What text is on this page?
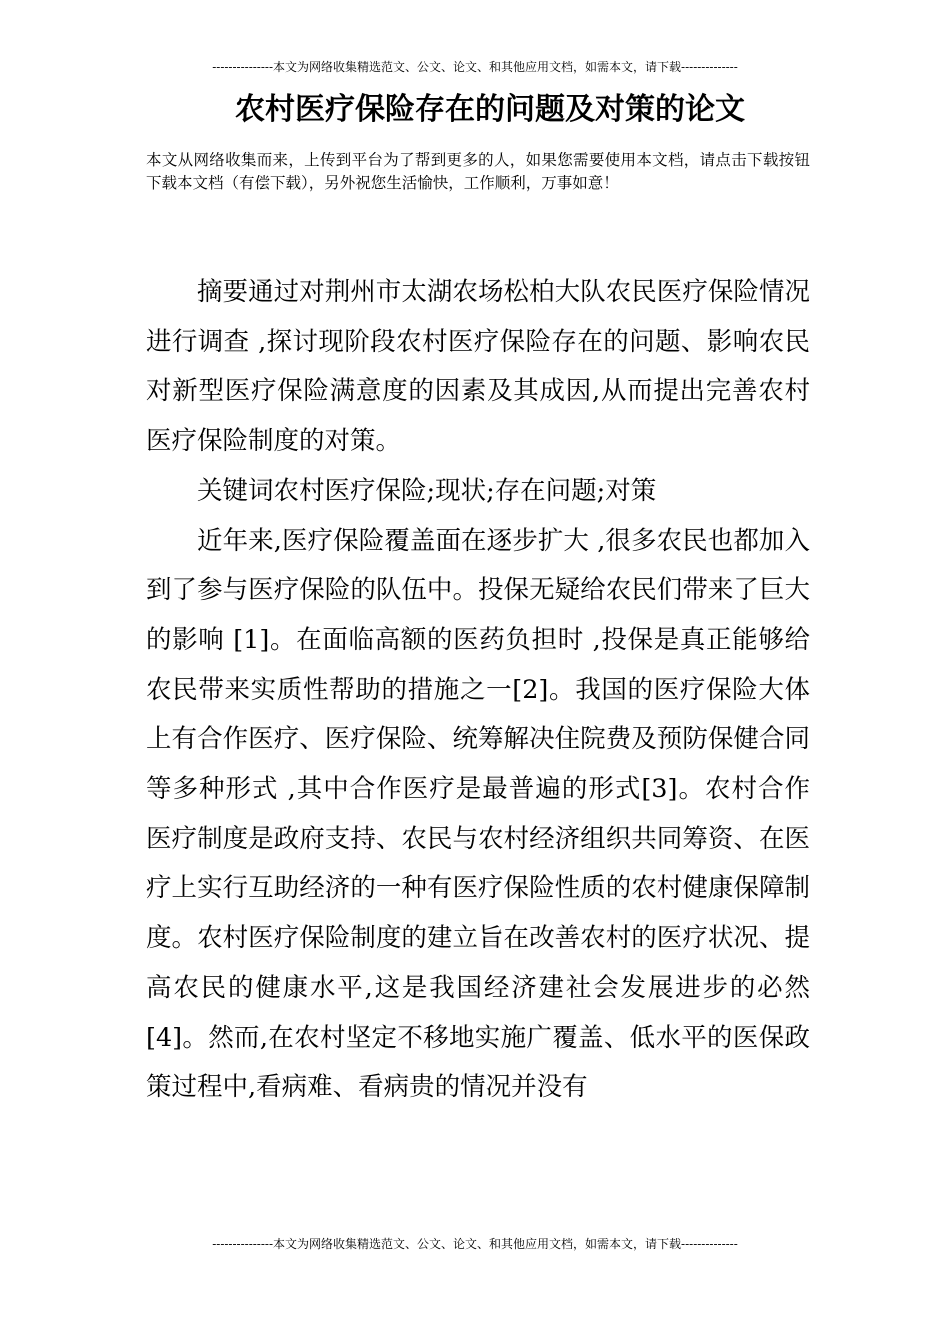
---------------本文为网络收集精选范文、公文、论文、和其他应用文档，如需本文，请下载--------------
农村医疗保险存在的问题及对策的论文

本文从网络收集而来，上传到平台为了帮到更多的人，如果您需要使用本文档，请点击下载按钮下载本文档（有偿下载），另外祝您生活愉快，工作顺利，万事如意！

摘要通过对荆州市太湖农场松柏大队农民医疗保险情况进行调查 ,探讨现阶段农村医疗保险存在的问题、影响农民对新型医疗保险满意度的因素及其成因,从而提出完善农村医疗保险制度的对策。

关键词农村医疗保险;现状;存在问题;对策

近年来,医疗保险覆盖面在逐步扩大 ,很多农民也都加入到了参与医疗保险的队伍中。投保无疑给农民们带来了巨大的影响 [1]。在面临高额的医药负担时 ,投保是真正能够给农民带来实质性帮助的措施之一[2]。我国的医疗保险大体上有合作医疗、医疗保险、统筹解决住院费及预防保健合同等多种形式 ,其中合作医疗是最普遍的形式[3]。农村合作医疗制度是政府支持、农民与农村经济组织共同筹资、在医疗上实行互助经济的一种有医疗保险性质的农村健康保障制度。农村医疗保险制度的建立旨在改善农村的医疗状况、提高农民的健康水平,这是我国经济建社会发展进步的必然[4]。然而,在农村坚定不移地实施广覆盖、低水平的医保政策过程中,看病难、看病贵的情况并没有

---------------本文为网络收集精选范文、公文、论文、和其他应用文档，如需本文，请下载--------------
